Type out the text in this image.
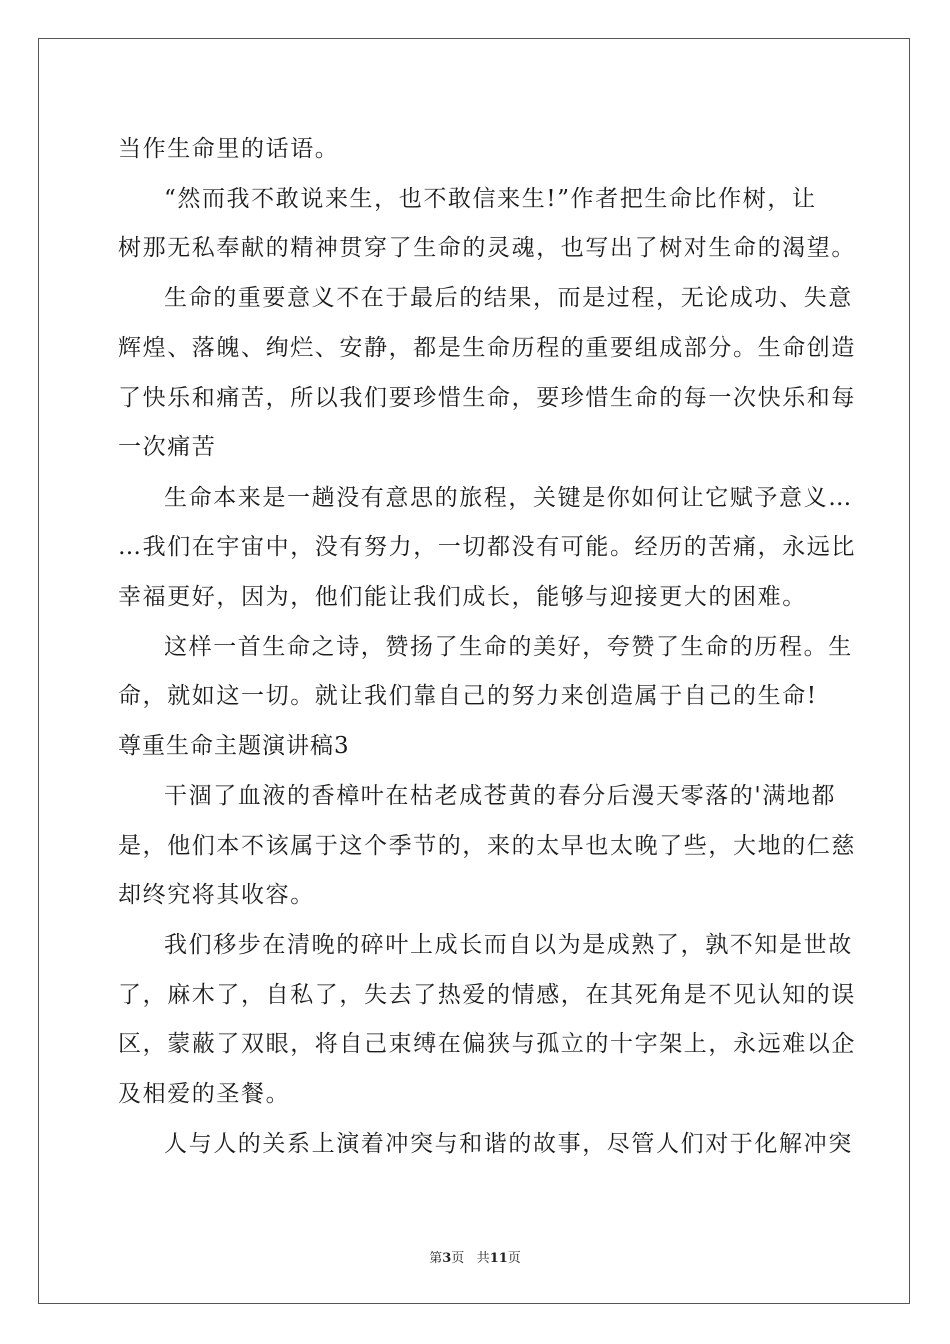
当作生命里的话语。

“然而我不敢说来生，也不敢信来生!”作者把生命比作树，让

树那无私奉献的精神贯穿了生命的灵魂，也写出了树对生命的渴望。

生命的重要意义不在于最后的结果，而是过程，无论成功、失意

辉煌、落魄、绚烂、安静，都是生命历程的重要组成部分。生命创造

了快乐和痛苦，所以我们要珍惜生命，要珍惜生命的每一次快乐和每

一次痛苦

生命本来是一趟没有意思的旅程，关键是你如何让它赋予意义…

…我们在宇宙中，没有努力，一切都没有可能。经历的苦痛，永远比

幸福更好，因为，他们能让我们成长，能够与迎接更大的困难。

这样一首生命之诗，赞扬了生命的美好，夸赞了生命的历程。生

命，就如这一切。就让我们靠自己的努力来创造属于自己的生命!

尊重生命主题演讲稿3

干涸了血液的香樟叶在枯老成苍黄的春分后漫天零落的'满地都

是，他们本不该属于这个季节的，来的太早也太晚了些，大地的仁慈

却终究将其收容。

我们移步在清晚的碎叶上成长而自以为是成熟了，孰不知是世故

了，麻木了，自私了，失去了热爱的情感，在其死角是不见认知的误

区，蒙蔽了双眼，将自己束缚在偏狭与孤立的十字架上，永远难以企

及相爱的圣餐。

人与人的关系上演着冲突与和谐的故事，尽管人们对于化解冲突

第3页 共11页
